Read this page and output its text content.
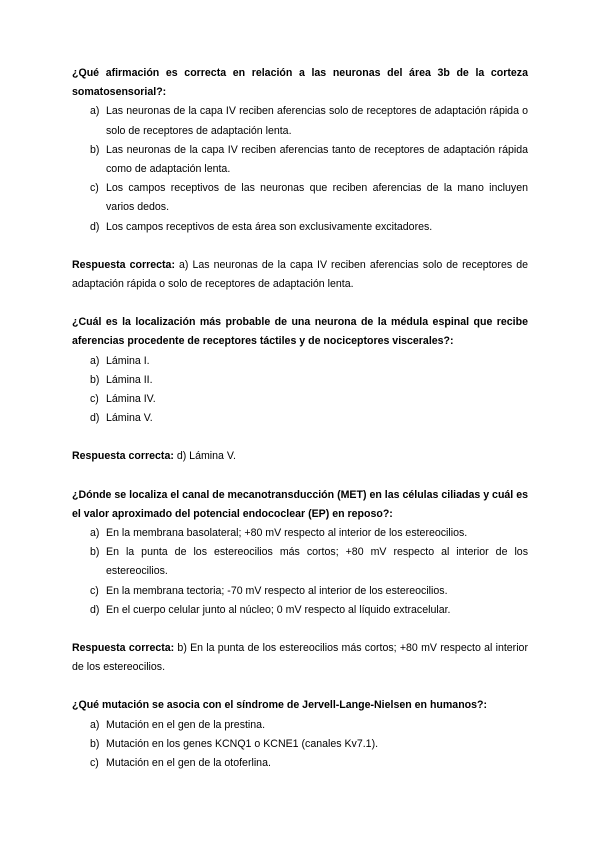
¿Qué afirmación es correcta en relación a las neuronas del área 3b de la corteza somatosensorial?:

a) Las neuronas de la capa IV reciben aferencias solo de receptores de adaptación rápida o solo de receptores de adaptación lenta.
b) Las neuronas de la capa IV reciben aferencias tanto de receptores de adaptación rápida como de adaptación lenta.
c) Los campos receptivos de las neuronas que reciben aferencias de la mano incluyen varios dedos.
d) Los campos receptivos de esta área son exclusivamente excitadores.

Respuesta correcta: a) Las neuronas de la capa IV reciben aferencias solo de receptores de adaptación rápida o solo de receptores de adaptación lenta.

¿Cuál es la localización más probable de una neurona de la médula espinal que recibe aferencias procedente de receptores táctiles y de nociceptores viscerales?:

a) Lámina I.
b) Lámina II.
c) Lámina IV.
d) Lámina V.

Respuesta correcta: d) Lámina V.

¿Dónde se localiza el canal de mecanotransducción (MET) en las células ciliadas y cuál es el valor aproximado del potencial endococlear (EP) en reposo?:

a) En la membrana basolateral; +80 mV respecto al interior de los estereocilios.
b) En la punta de los estereocilios más cortos; +80 mV respecto al interior de los estereocilios.
c) En la membrana tectoria; -70 mV respecto al interior de los estereocilios.
d) En el cuerpo celular junto al núcleo; 0 mV respecto al líquido extracelular.

Respuesta correcta: b) En la punta de los estereocilios más cortos; +80 mV respecto al interior de los estereocilios.

¿Qué mutación se asocia con el síndrome de Jervell-Lange-Nielsen en humanos?:

a) Mutación en el gen de la prestina.
b) Mutación en los genes KCNQ1 o KCNE1 (canales Kv7.1).
c) Mutación en el gen de la otoferlina.
